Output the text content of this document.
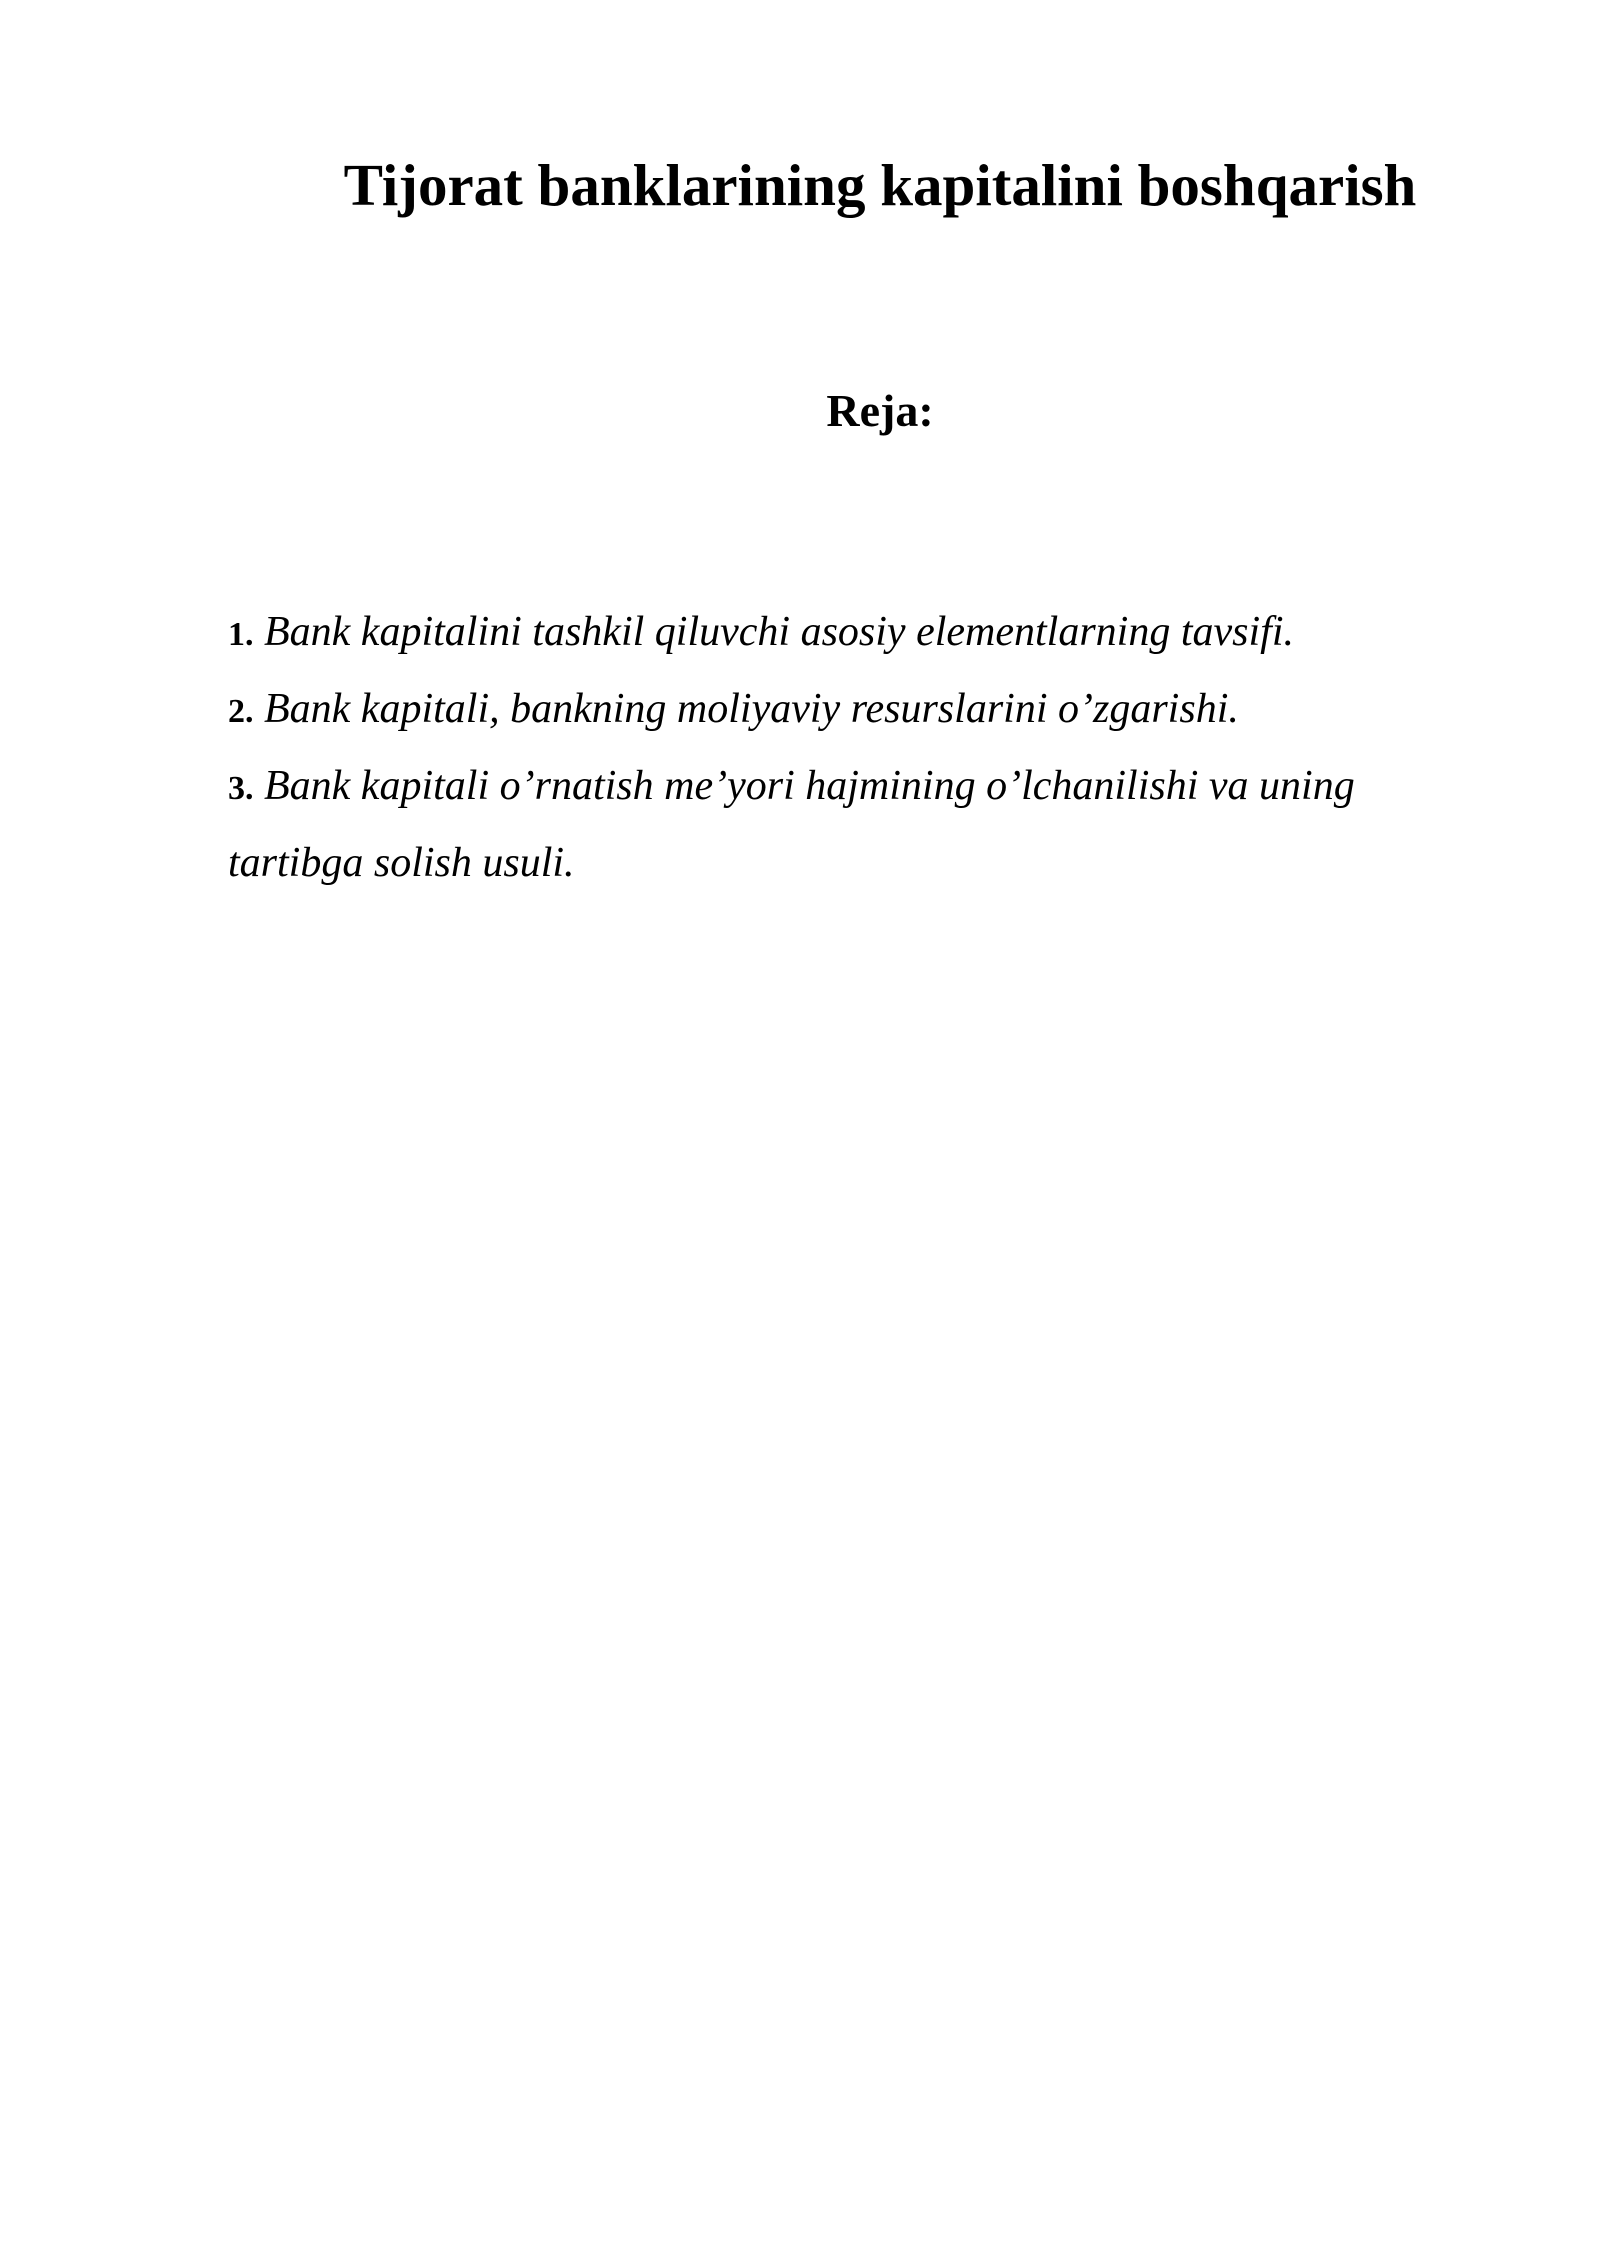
Tijorat banklarining kapitalini boshqarish
Reja:
1. Bank kapitalini tashkil qiluvchi asosiy elementlarning tavsifi.
2. Bank kapitali, bankning moliyaviy resurslarini o’zgarishi.
3. Bank kapitali o’rnatish me’yori hajmining o’lchanilishi va uning tartibga solish usuli.
